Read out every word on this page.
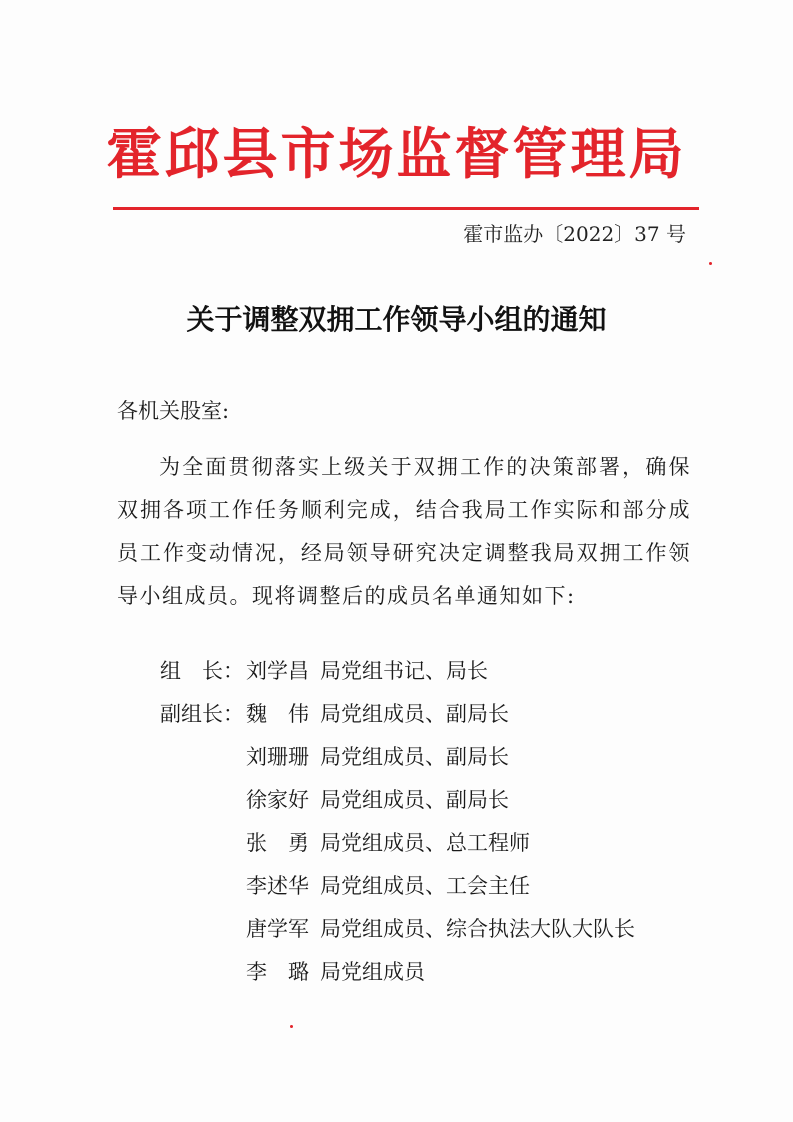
霍邱县市场监督管理局
霍市监办〔2022〕37 号
关于调整双拥工作领导小组的通知
各机关股室:
为全面贯彻落实上级关于双拥工作的决策部署，确保双拥各项工作任务顺利完成，结合我局工作实际和部分成员工作变动情况，经局领导研究决定调整我局双拥工作领导小组成员。现将调整后的成员名单通知如下:
组　长： 刘学昌 局党组书记、局长
副组长： 魏　伟 局党组成员、副局长
刘珊珊 局党组成员、副局长
徐家好 局党组成员、副局长
张　勇 局党组成员、总工程师
李述华 局党组成员、工会主任
唐学军 局党组成员、综合执法大队大队长
李　璐 局党组成员
